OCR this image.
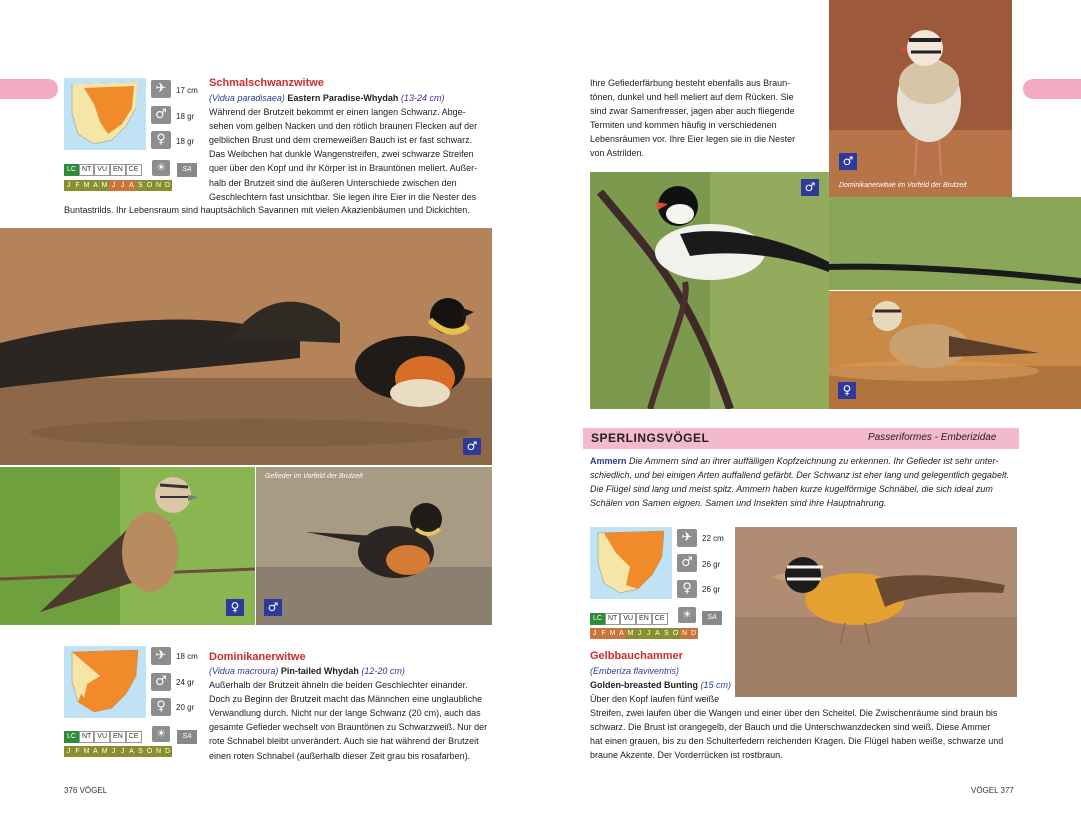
✈	17 cm
♂	18 gr
♀	18 gr
LC NT VU EN CE	☀	SA
J F M A M J J A S O N D
Schmalschwanzwitwe
(Vidua paradisaea) Eastern Paradise-Whydah (13-24 cm)
Während der Brutzeit bekommt er einen langen Schwanz. Abge-
sehen vom gelben Nacken und den rötlich braunen Flecken auf der
gelblichen Brust und dem cremeweißen Bauch ist er fast schwarz.
Das Weibchen hat dunkle Wangenstreifen, zwei schwarze Streifen
quer über den Kopf und ihr Körper ist in Brauntönen meliert. Außer-
halb der Brutzeit sind die äußeren Unterschiede zwischen den
Geschlechtern fast unsichtbar. Sie legen ihre Eier in die Nester des
Buntastrilds. Ihr Lebensraum sind hauptsächlich Savannen mit vielen Akazienbäumen und Dickichten.
♂
♀
Gefieder im Vorfeld der Brutzeit
♂
✈	18 cm
♂	24 gr
♀	20 gr
LC NT VU EN CE	☀	SA
J F M A M J J A S O N D
Dominikanerwitwe
(Vidua macroura) Pin-tailed Whydah (12-20 cm)
Außerhalb der Brutzeit ähneln die beiden Geschlechter einander.
Doch zu Beginn der Brutzeit macht das Männchen eine unglaubliche
Verwandlung durch. Nicht nur der lange Schwanz (20 cm), auch das
gesamte Gefieder wechselt von Brauntönen zu Schwarzweiß. Nur der
rote Schnabel bleibt unverändert. Auch sie hat während der Brutzeit
einen roten Schnabel (außerhalb dieser Zeit grau bis rosafarben).
376 VÖGEL
Ihre Gefiederfärbung besteht ebenfalls aus Braun-
tönen, dunkel und hell meliert auf dem Rücken. Sie
sind zwar Samenfresser, jagen aber auch fliegende
Termiten und kommen häufig in verschiedenen
Lebensräumen vor. Ihre Eier legen sie in die Nester
von Astrilden.
♂
Dominikanerwitwe im Vorfeld der Brutzeit
♂
♀
SPERLINGSVÖGEL	Passeriformes - Emberizidae
Ammern Die Ammern sind an ihrer auffälligen Kopfzeichnung zu erkennen. Ihr Gefieder ist sehr unter-
schiedlich, und bei einigen Arten auffallend gefärbt. Der Schwanz ist eher lang und gelegentlich gegabelt.
Die Flügel sind lang und meist spitz. Ammern haben kurze kugelförmige Schnäbel, die sich ideal zum
Schälen von Samen eignen. Samen und Insekten sind ihre Hauptnahrung.
✈	22 cm
♂	26 gr
♀	26 gr
LC NT VU EN CE	☀	SA
J F M A M J J A S O N D
Gelbbauchammer
(Emberiza flaviventris)
Golden-breasted Bunting (15 cm)
Über den Kopf laufen fünf weiße
Streifen, zwei laufen über die Wangen und einer über den Scheitel. Die Zwischenräume sind braun bis
schwarz. Die Brust ist orangegelb, der Bauch und die Unterschwanzdecken sind weiß. Diese Ammer
hat einen grauen, bis zu den Schulterfedern reichenden Kragen. Die Flügel haben weiße, schwarze und
braune Akzente. Der Vorderrücken ist rostbraun.
VÖGEL 377
